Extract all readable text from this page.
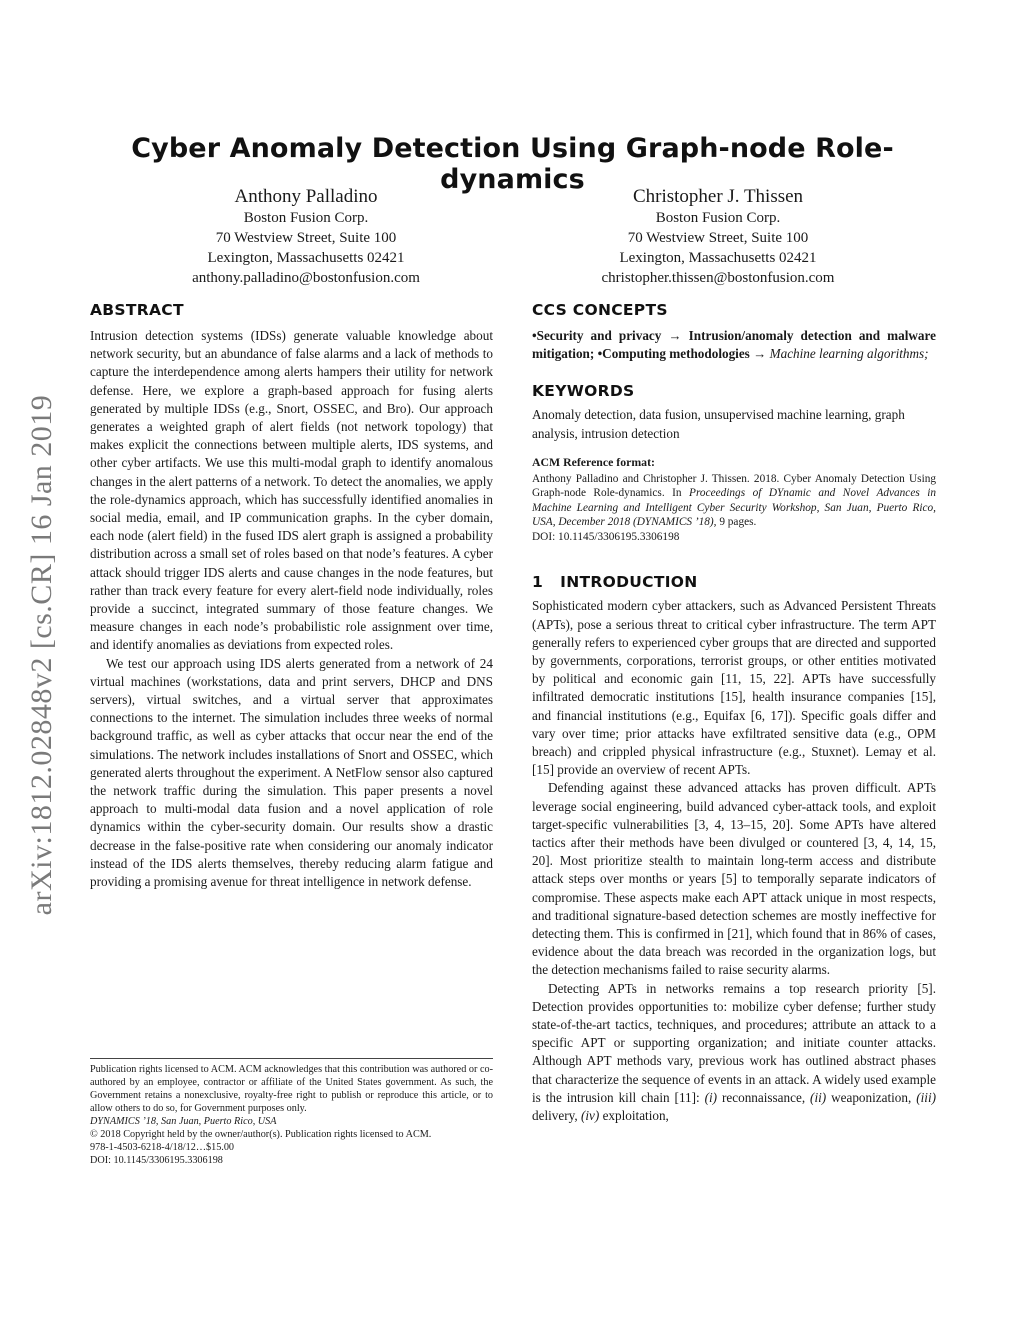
arXiv:1812.02848v2 [cs.CR] 16 Jan 2019
Cyber Anomaly Detection Using Graph-node Role-dynamics
Anthony Palladino
Boston Fusion Corp.
70 Westview Street, Suite 100
Lexington, Massachusetts 02421
anthony.palladino@bostonfusion.com
Christopher J. Thissen
Boston Fusion Corp.
70 Westview Street, Suite 100
Lexington, Massachusetts 02421
christopher.thissen@bostonfusion.com
ABSTRACT

Intrusion detection systems (IDSs) generate valuable knowledge about network security, but an abundance of false alarms and a lack of methods to capture the interdependence among alerts hampers their utility for network defense. Here, we explore a graph-based approach for fusing alerts generated by multiple IDSs (e.g., Snort, OSSEC, and Bro). Our approach generates a weighted graph of alert fields (not network topology) that makes explicit the connections between multiple alerts, IDS systems, and other cyber artifacts. We use this multi-modal graph to identify anomalous changes in the alert patterns of a network. To detect the anomalies, we apply the role-dynamics approach, which has successfully identified anomalies in social media, email, and IP communication graphs. In the cyber domain, each node (alert field) in the fused IDS alert graph is assigned a probability distribution across a small set of roles based on that node’s features. A cyber attack should trigger IDS alerts and cause changes in the node features, but rather than track every feature for every alert-field node individually, roles provide a succinct, integrated summary of those feature changes. We measure changes in each node’s probabilistic role assignment over time, and identify anomalies as deviations from expected roles.

We test our approach using IDS alerts generated from a network of 24 virtual machines (workstations, data and print servers, DHCP and DNS servers), virtual switches, and a virtual server that approximates connections to the internet. The simulation includes three weeks of normal background traffic, as well as cyber attacks that occur near the end of the simulations. The network includes installations of Snort and OSSEC, which generated alerts throughout the experiment. A NetFlow sensor also captured the network traffic during the simulation. This paper presents a novel approach to multi-modal data fusion and a novel application of role dynamics within the cyber-security domain. Our results show a drastic decrease in the false-positive rate when considering our anomaly indicator instead of the IDS alerts themselves, thereby reducing alarm fatigue and providing a promising avenue for threat intelligence in network defense.

Publication rights licensed to ACM. ACM acknowledges that this contribution was authored or co-authored by an employee, contractor or affiliate of the United States government. As such, the Government retains a nonexclusive, royalty-free right to publish or reproduce this article, or to allow others to do so, for Government purposes only.

DYNAMICS ’18, San Juan, Puerto Rico, USA

© 2018 Copyright held by the owner/author(s). Publication rights licensed to ACM.

978-1-4503-6218-4/18/12…$15.00

DOI: 10.1145/3306195.3306198

CCS CONCEPTS

•Security and privacy → Intrusion/anomaly detection and malware mitigation; •Computing methodologies → Machine learning algorithms;

KEYWORDS

Anomaly detection, data fusion, unsupervised machine learning, graph analysis, intrusion detection

ACM Reference format:

Anthony Palladino and Christopher J. Thissen. 2018. Cyber Anomaly Detection Using Graph-node Role-dynamics. In Proceedings of DYnamic and Novel Advances in Machine Learning and Intelligent Cyber Security Workshop, San Juan, Puerto Rico, USA, December 2018 (DYNAMICS ’18), 9 pages.

DOI: 10.1145/3306195.3306198

1   INTRODUCTION

Sophisticated modern cyber attackers, such as Advanced Persistent Threats (APTs), pose a serious threat to critical cyber infrastructure. The term APT generally refers to experienced cyber groups that are directed and supported by governments, corporations, terrorist groups, or other entities motivated by political and economic gain [11, 15, 22]. APTs have successfully infiltrated democratic institutions [15], health insurance companies [15], and financial institutions (e.g., Equifax [6, 17]). Specific goals differ and vary over time; prior attacks have exfiltrated sensitive data (e.g., OPM breach) and crippled physical infrastructure (e.g., Stuxnet). Lemay et al. [15] provide an overview of recent APTs.

Defending against these advanced attacks has proven difficult. APTs leverage social engineering, build advanced cyber-attack tools, and exploit target-specific vulnerabilities [3, 4, 13–15, 20]. Some APTs have altered tactics after their methods have been divulged or countered [3, 4, 14, 15, 20]. Most prioritize stealth to maintain long-term access and distribute attack steps over months or years [5] to temporally separate indicators of compromise. These aspects make each APT attack unique in most respects, and traditional signature-based detection schemes are mostly ineffective for detecting them. This is confirmed in [21], which found that in 86% of cases, evidence about the data breach was recorded in the organization logs, but the detection mechanisms failed to raise security alarms.

Detecting APTs in networks remains a top research priority [5]. Detection provides opportunities to: mobilize cyber defense; further study state-of-the-art tactics, techniques, and procedures; attribute an attack to a specific APT or supporting organization; and initiate counter attacks. Although APT methods vary, previous work has outlined abstract phases that characterize the sequence of events in an attack. A widely used example is the intrusion kill chain [11]: (i) reconnaissance, (ii) weaponization, (iii) delivery, (iv) exploitation,
